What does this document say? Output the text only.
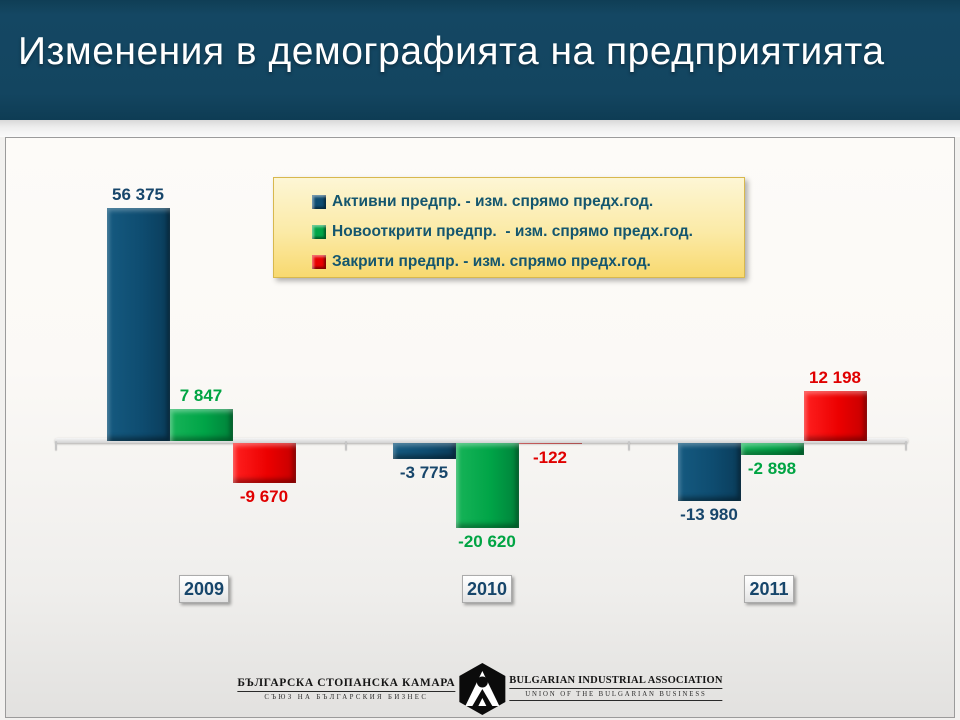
Изменения в демографията на предприятията
56 375
-3 775
-13 980
7 847
-20 620
-2 898
-9 670
-122
12 198
2009	2010	2011
Активни предпр. - изм. спрямо предх.год.
Новооткрити предпр.  - изм. спрямо предх.год.
Закрити предпр. - изм. спрямо предх.год.
БЪЛГАРСКА СТОПАНСКА КАМАРА
СЪЮЗ НА БЪЛГАРСКИЯ БИЗНЕС
BULGARIAN INDUSTRIAL ASSOCIATION
UNION OF THE BULGARIAN BUSINESS
